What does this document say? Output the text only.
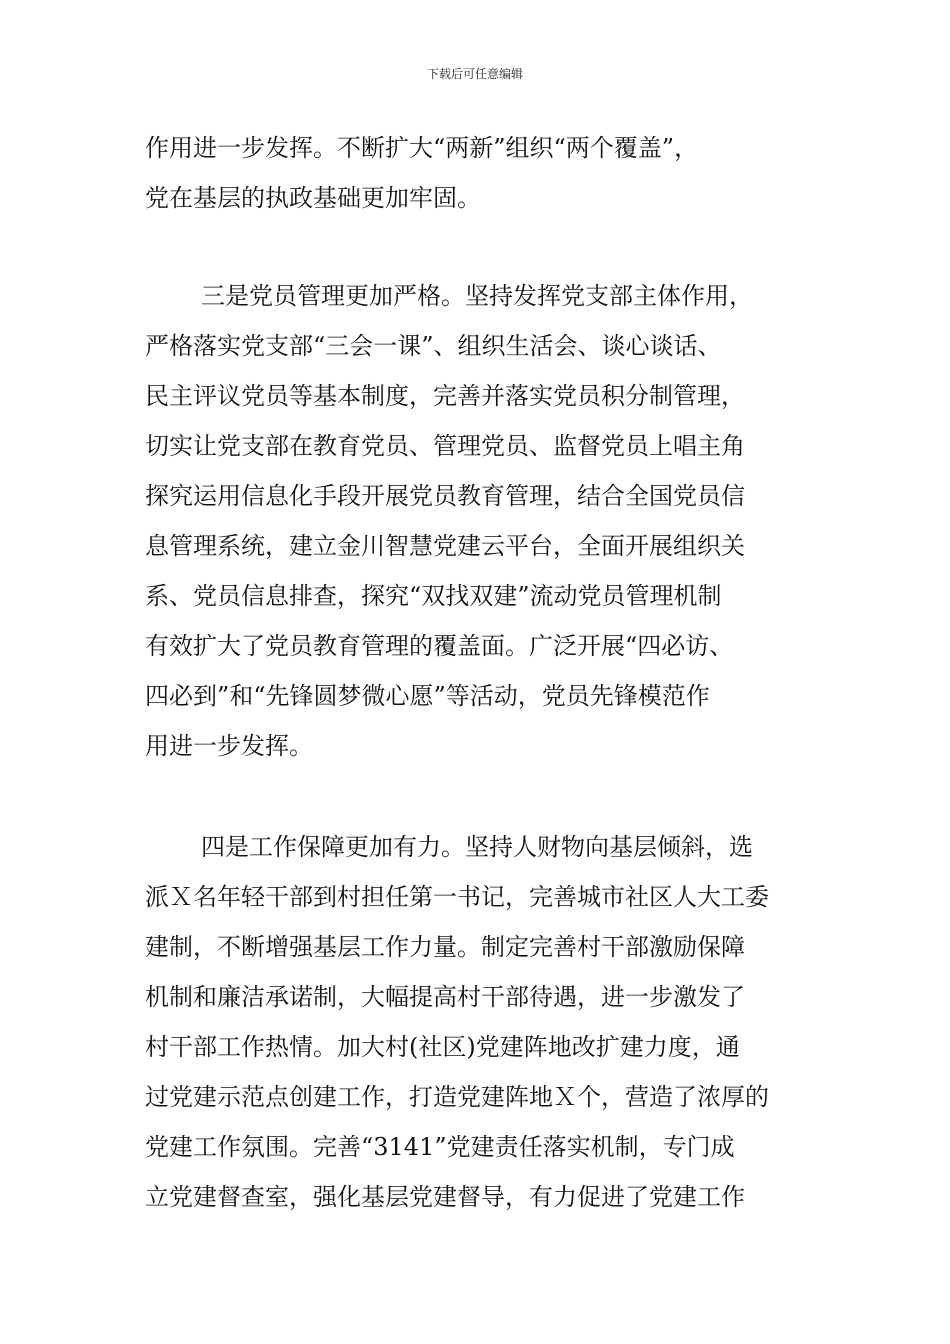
下载后可任意编辑
作用进一步发挥。不断扩大“两新”组织“两个覆盖”，
党在基层的执政基础更加牢固。
三是党员管理更加严格。坚持发挥党支部主体作用，
严格落实党支部“三会一课”、组织生活会、谈心谈话、
民主评议党员等基本制度，完善并落实党员积分制管理，
切实让党支部在教育党员、管理党员、监督党员上唱主角
探究运用信息化手段开展党员教育管理，结合全国党员信
息管理系统，建立金川智慧党建云平台，全面开展组织关
系、党员信息排查，探究“双找双建”流动党员管理机制
有效扩大了党员教育管理的覆盖面。广泛开展“四必访、
四必到”和“先锋圆梦微心愿”等活动，党员先锋模范作
用进一步发挥。
四是工作保障更加有力。坚持人财物向基层倾斜，选
派Ｘ名年轻干部到村担任第一书记，完善城市社区人大工委
建制，不断增强基层工作力量。制定完善村干部激励保障
机制和廉洁承诺制，大幅提高村干部待遇，进一步激发了
村干部工作热情。加大村(社区)党建阵地改扩建力度，通
过党建示范点创建工作，打造党建阵地Ｘ个，营造了浓厚的
党建工作氛围。完善“3141”党建责任落实机制，专门成
立党建督查室，强化基层党建督导，有力促进了党建工作
